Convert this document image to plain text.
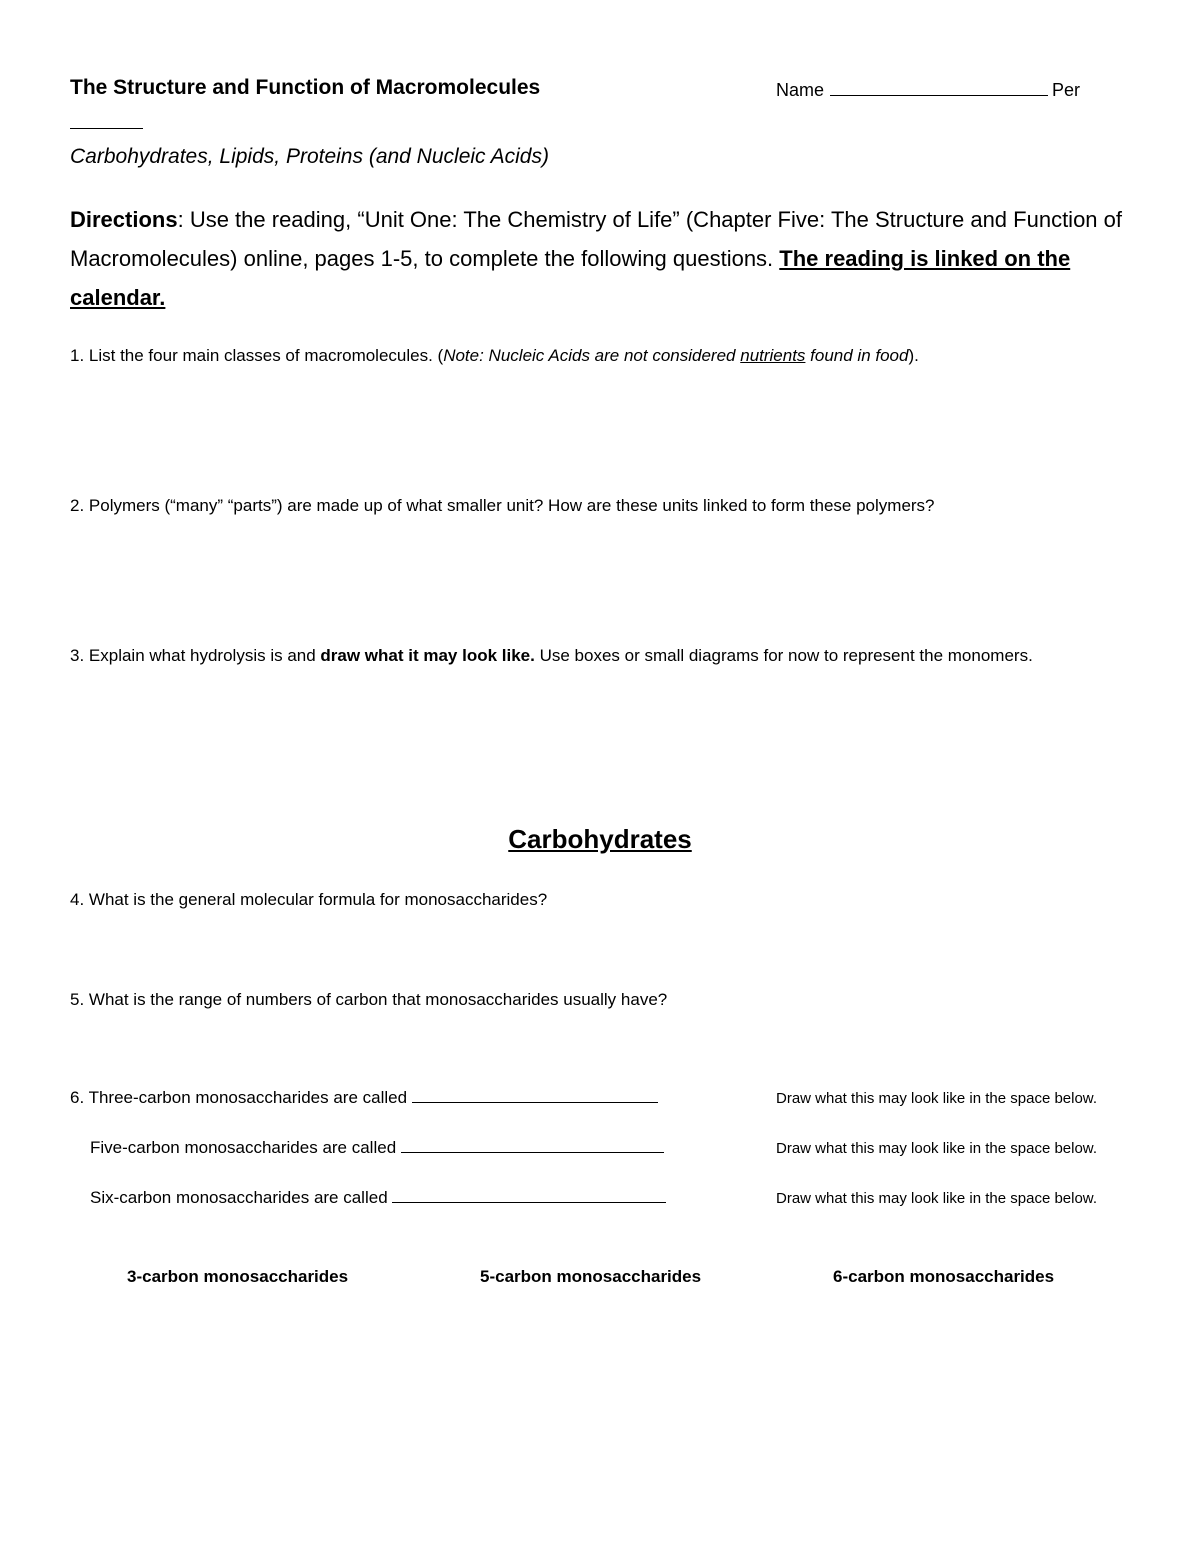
The Structure and Function of Macromolecules	Name	Per
Carbohydrates, Lipids, Proteins (and Nucleic Acids)
Directions: Use the reading, “Unit One: The Chemistry of Life” (Chapter Five: The Structure and Function of Macromolecules) online, pages 1-5, to complete the following questions. The reading is linked on the calendar.
1. List the four main classes of macromolecules. (Note: Nucleic Acids are not considered nutrients found in food).
2. Polymers (“many” “parts”) are made up of what smaller unit? How are these units linked to form these polymers?
3. Explain what hydrolysis is and draw what it may look like. Use boxes or small diagrams for now to represent the monomers.
Carbohydrates
4. What is the general molecular formula for monosaccharides?
5. What is the range of numbers of carbon that monosaccharides usually have?
6. Three-carbon monosaccharides are called
Five-carbon monosaccharides are called
Six-carbon monosaccharides are called
Draw what this may look like in the space below.
Draw what this may look like in the space below.
Draw what this may look like in the space below.
3-carbon monosaccharides	5-carbon monosaccharides	6-carbon monosaccharides
